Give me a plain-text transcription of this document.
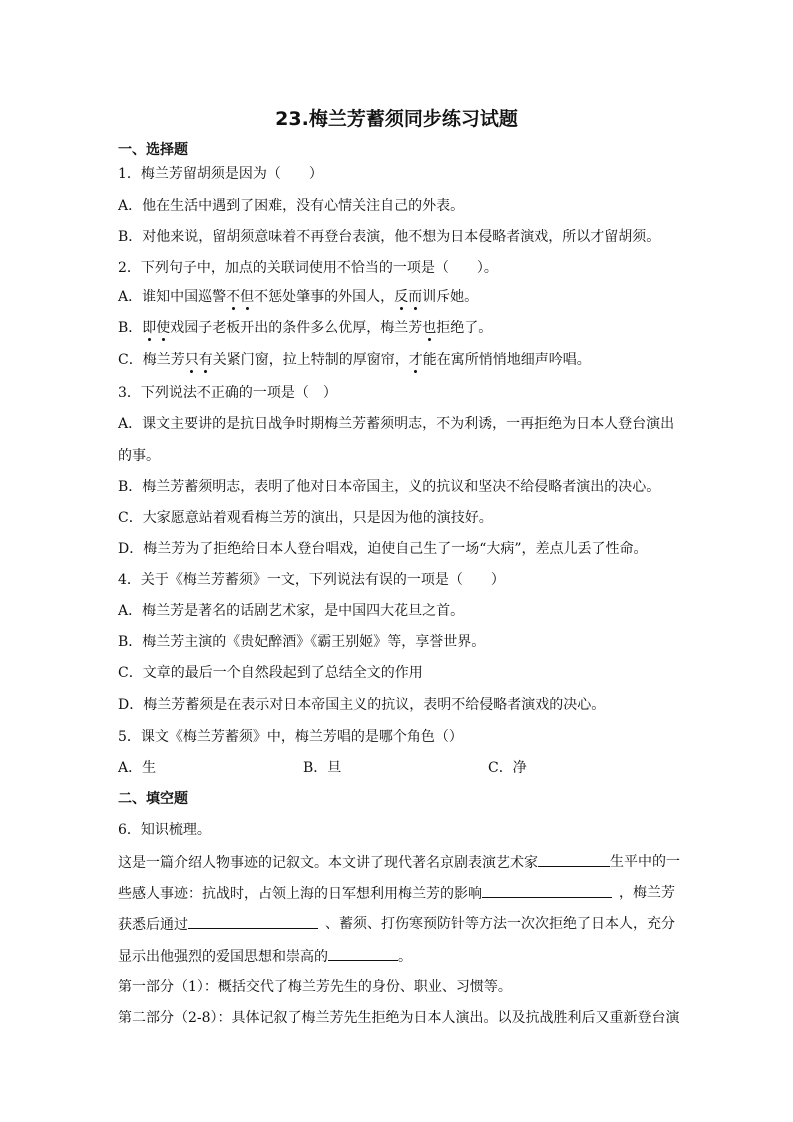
23.梅兰芳蓄须同步练习试题
一、选择题
1．梅兰芳留胡须是因为（　　）
A．他在生活中遇到了困难，没有心情关注自己的外表。
B．对他来说，留胡须意味着不再登台表演，他不想为日本侵略者演戏，所以才留胡须。
2．下列句子中，加点的关联词使用不恰当的一项是（　　）。
A．谁知中国巡警不但不惩处肇事的外国人，反而训斥她。
B．即使戏园子老板开出的条件多么优厚，梅兰芳也拒绝了。
C．梅兰芳只有关紧门窗，拉上特制的厚窗帘，才能在寓所悄悄地细声吟唱。
3．下列说法不正确的一项是（　）
A．课文主要讲的是抗日战争时期梅兰芳蓄须明志，不为利诱，一再拒绝为日本人登台演出
的事。
B．梅兰芳蓄须明志，表明了他对日本帝国主，义的抗议和坚决不给侵略者演出的决心。
C．大家愿意站着观看梅兰芳的演出，只是因为他的演技好。
D．梅兰芳为了拒绝给日本人登台唱戏，迫使自己生了一场“大病”，差点儿丢了性命。
4．关于《梅兰芳蓄须》一文，下列说法有误的一项是（　　）
A．梅兰芳是著名的话剧艺术家，是中国四大花旦之首。
B．梅兰芳主演的《贵妃醉酒》《霸王别姬》等，享誉世界。
C．文章的最后一个自然段起到了总结全文的作用
D．梅兰芳蓄须是在表示对日本帝国主义的抗议，表明不给侵略者演戏的决心。
5．课文《梅兰芳蓄须》中，梅兰芳唱的是哪个角色（）
A．生	B．旦	C．净
二、填空题
6．知识梳理。
这是一篇介绍人物事迹的记叙文。本文讲了现代著名京剧表演艺术家	生平中的一
些感人事迹：抗战时，占领上海的日军想利用梅兰芳的影响	，梅兰芳
获悉后通过	、蓄须、打伤寒预防针等方法一次次拒绝了日本人，充分
显示出他强烈的爱国思想和崇高的	。
第一部分（1）：概括交代了梅兰芳先生的身份、职业、习惯等。
第二部分（2-8）：具体记叙了梅兰芳先生拒绝为日本人演出。以及抗战胜利后又重新登台演
